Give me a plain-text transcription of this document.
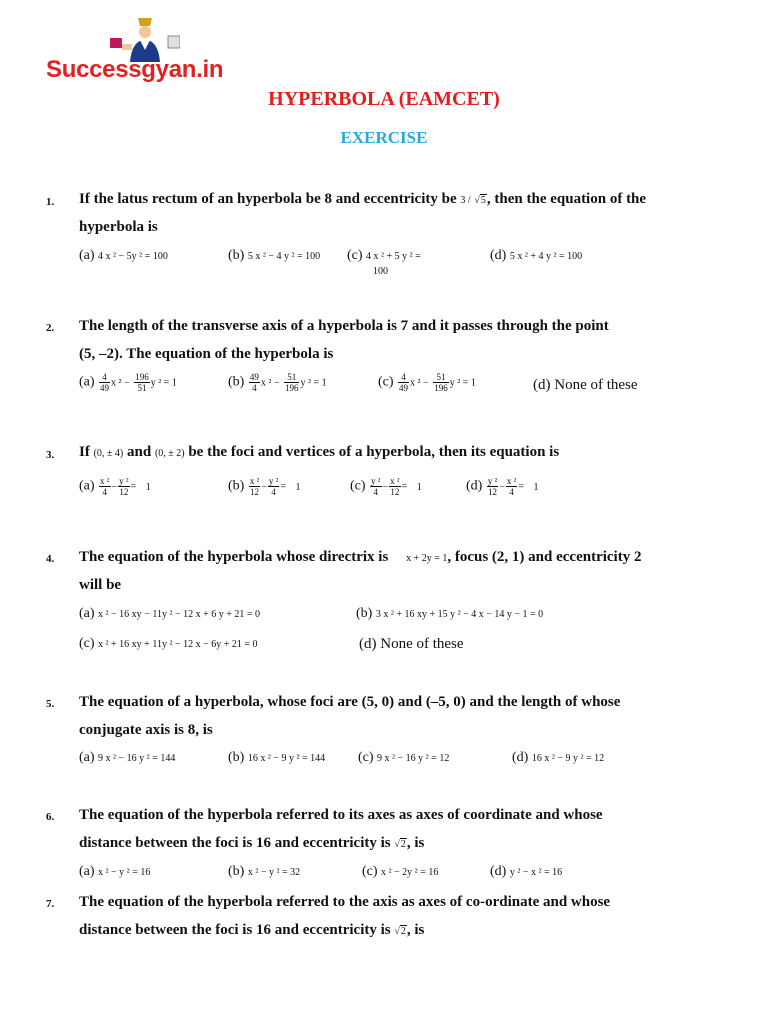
Successgyan.in
HYPERBOLA (EAMCET)
EXERCISE
1. If the latus rectum of an hyperbola be 8 and eccentricity be 3 / √5, then the equation of the
hyperbola is
(a) 4 x ² − 5y ² = 100	(b) 5 x ² − 4 y ² = 100 (c) 4 x ² + 5 y ² =
100
(d) 5 x ² + 4 y ² = 100
2. The length of the transverse axis of a hyperbola is 7 and it passes through the point
(5, –2). The equation of the hyperbola is
$(a) \frac{4}{49}$ x $^2 - \frac{196}{51}$ y ² = 1	$(b) \frac{49}{4}$ x $^2 - \frac{51}{196}$ y ² = 1	$(c) \frac{4}{49}$ x $^2 - \frac{51}{196}$ y ² = 1	(d) None of these
3. If (0, ± 4) and (0, ± 2) be the foci and vertices of a hyperbola, then its equation is
$(a) \frac{\text{x ²}}{4} - \frac{\text{y ²}}{12} = 1$	$(b) \frac{\text{x ²}}{12} - \frac{\text{y ²}}{4} = 1$	$(c) \frac{\text{y ²}}{4} - \frac{\text{x ²}}{12} = 1$	$(d) \frac{\text{y ²}}{12} - \frac{\text{x ²}}{4} = 1$
4. The equation of the hyperbola whose directrix is x + 2y = 1, focus (2, 1) and eccentricity 2
will be
(a) x ² − 16 xy − 11y ² − 12 x + 6 y + 21 = 0	(b) 3 x ² + 16 xy + 15 y ² − 4 x − 14 y − 1 = 0
(c) x ² + 16 xy + 11y ² − 12 x − 6y + 21 = 0	(d) None of these
5. The equation of a hyperbola, whose foci are (5, 0) and (–5, 0) and the length of whose
conjugate axis is 8, is
(a) 9 x ² − 16 y ² = 144	(b) 16 x ² − 9 y ² = 144 (c) 9 x ² − 16 y ² = 12	(d) 16 x ² − 9 y ² = 12
6. The equation of the hyperbola referred to its axes as axes of coordinate and whose
distance between the foci is 16 and eccentricity is √2, is
(a) x ² − y ² = 16	(b) x ² − y ² = 32	(c) x ² − 2y ² = 16	(d) y ² − x ² = 16
7. The equation of the hyperbola referred to the axis as axes of co-ordinate and whose
distance between the foci is 16 and eccentricity is √2, is
